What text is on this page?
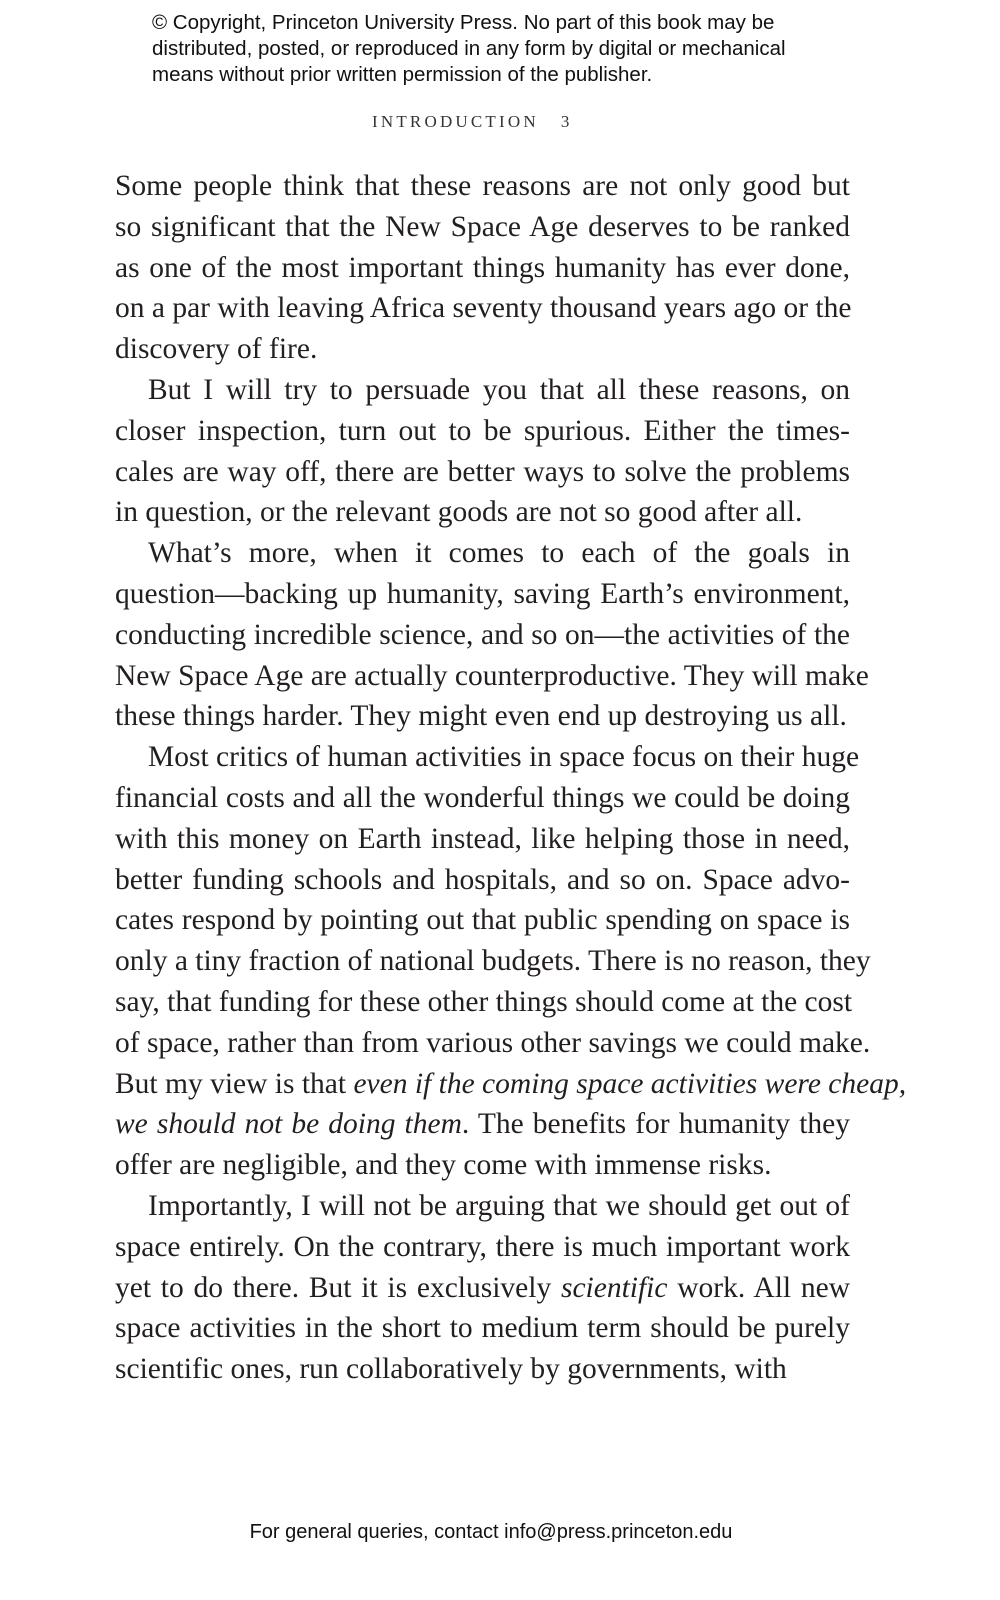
© Copyright, Princeton University Press. No part of this book may be
distributed, posted, or reproduced in any form by digital or mechanical
means without prior written permission of the publisher.
INTRODUCTION 3
Some people think that these reasons are not only good but
so significant that the New Space Age deserves to be ranked
as one of the most important things humanity has ever done,
on a par with leaving Africa seventy thousand years ago or the
discovery of fire.
But I will try to persuade you that all these reasons, on
closer inspection, turn out to be spurious. Either the times-
cales are way off, there are better ways to solve the problems
in question, or the relevant goods are not so good after all.
What’s more, when it comes to each of the goals in
question—backing up humanity, saving Earth’s environment,
conducting incredible science, and so on—the activities of the
New Space Age are actually counterproductive. They will make
these things harder. They might even end up destroying us all.
Most critics of human activities in space focus on their huge
financial costs and all the wonderful things we could be doing
with this money on Earth instead, like helping those in need,
better funding schools and hospitals, and so on. Space advo-
cates respond by pointing out that public spending on space is
only a tiny fraction of national budgets. There is no reason, they
say, that funding for these other things should come at the cost
of space, rather than from various other savings we could make.
But my view is that even if the coming space activities were cheap,
we should not be doing them. The benefits for humanity they
offer are negligible, and they come with immense risks.
Importantly, I will not be arguing that we should get out of
space entirely. On the contrary, there is much important work
yet to do there. But it is exclusively scientific work. All new
space activities in the short to medium term should be purely
scientific ones, run collaboratively by governments, with
For general queries, contact info@press.princeton.edu
